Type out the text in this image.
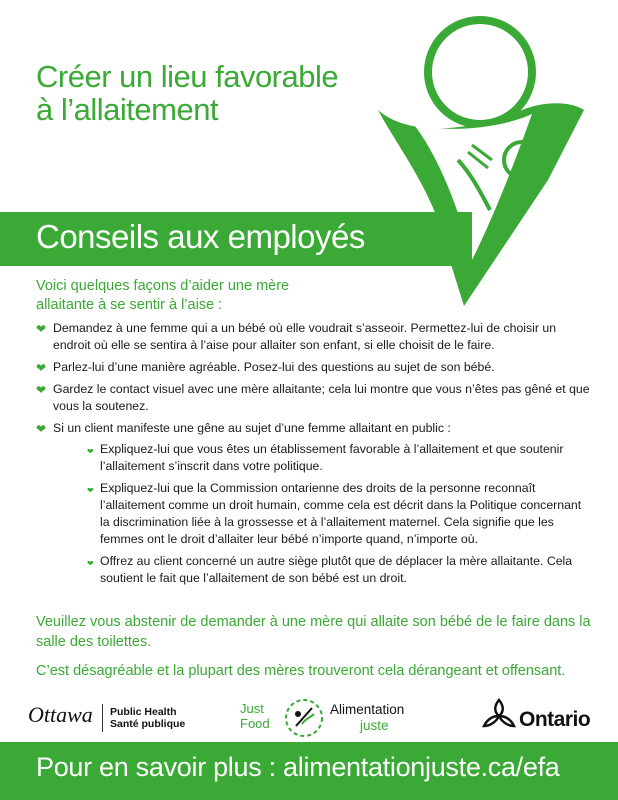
Créer un lieu favorable
à l’allaitement
Conseils aux employés
Voici quelques façons d’aider une mère
allaitante à se sentir à l’aise :
❤ Demandez à une femme qui a un bébé où elle voudrait s’asseoir. Permettez-lui de choisir un endroit où elle se sentira à l’aise pour allaiter son enfant, si elle choisit de le faire.
❤ Parlez-lui d’une manière agréable. Posez-lui des questions au sujet de son bébé.
❤ Gardez le contact visuel avec une mère allaitante; cela lui montre que vous n’êtes pas gêné et que vous la soutenez.
❤ Si un client manifeste une gêne au sujet d’une femme allaitant en public :
❤ Expliquez-lui que vous êtes un établissement favorable à l’allaitement et que soutenir l’allaitement s’inscrit dans votre politique.
❤ Expliquez-lui que la Commission ontarienne des droits de la personne reconnaît l’allaitement comme un droit humain, comme cela est décrit dans la Politique concernant la discrimination liée à la grossesse et à l’allaitement maternel. Cela signifie que les femmes ont le droit d’allaiter leur bébé n’importe quand, n’importe où.
❤ Offrez au client concerné un autre siège plutôt que de déplacer la mère allaitante. Cela soutient le fait que l’allaitement de son bébé est un droit.

Veuillez vous abstenir de demander à une mère qui allaite son bébé de le faire dans la salle des toilettes.

C’est désagréable et la plupart des mères trouveront cela dérangeant et offensant.

Ottawa Public Health
Santé publique
Just
Food
Alimentation
juste	Ontario
Pour en savoir plus : alimentationjuste.ca/efa
